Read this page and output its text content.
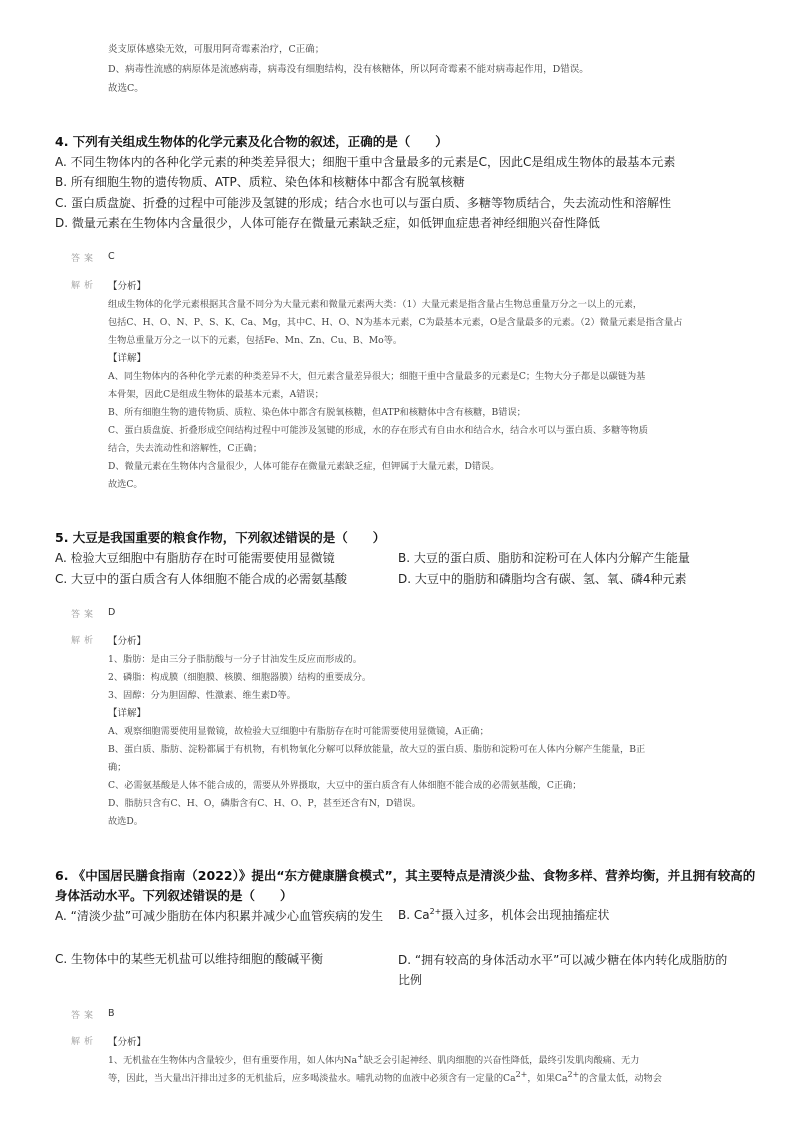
炎支原体感染无效，可服用阿奇霉素治疗，C正确；
D、病毒性流感的病原体是流感病毒，病毒没有细胞结构，没有核糖体，所以阿奇霉素不能对病毒起作用，D错误。
故选C。
4. 下列有关组成生物体的化学元素及化合物的叙述，正确的是（　　）
A. 不同生物体内的各种化学元素的种类差异很大；细胞干重中含量最多的元素是C，因此C是组成生物体的最基本元素
B. 所有细胞生物的遗传物质、ATP、质粒、染色体和核糖体中都含有脱氧核糖
C. 蛋白质盘旋、折叠的过程中可能涉及氢键的形成；结合水也可以与蛋白质、多糖等物质结合，失去流动性和溶解性
D. 微量元素在生物体内含量很少，人体可能存在微量元素缺乏症，如低钾血症患者神经细胞兴奋性降低
答案 C
解析 【分析】
组成生物体的化学元素根据其含量不同分为大量元素和微量元素两大类：（1）大量元素是指含量占生物总重量万分之一以上的元素，
包括C、H、O、N、P、S、K、Ca、Mg，其中C、H、O、N为基本元素，C为最基本元素，O是含量最多的元素。（2）微量元素是指含量占
生物总重量万分之一以下的元素，包括Fe、Mn、Zn、Cu、B、Mo等。
【详解】
A、同生物体内的各种化学元素的种类差异不大，但元素含量差异很大；细胞干重中含量最多的元素是C；生物大分子都是以碳链为基
本骨架，因此C是组成生物体的最基本元素，A错误；
B、所有细胞生物的遗传物质、质粒、染色体中都含有脱氧核糖，但ATP和核糖体中含有核糖，B错误；
C、蛋白质盘旋、折叠形成空间结构过程中可能涉及氢键的形成，水的存在形式有自由水和结合水，结合水可以与蛋白质、多糖等物质
结合，失去流动性和溶解性，C正确；
D、微量元素在生物体内含量很少，人体可能存在微量元素缺乏症，但钾属于大量元素，D错误。
故选C。
5. 大豆是我国重要的粮食作物，下列叙述错误的是（　　）
A. 检验大豆细胞中有脂肪存在时可能需要使用显微镜	B. 大豆的蛋白质、脂肪和淀粉可在人体内分解产生能量
C. 大豆中的蛋白质含有人体细胞不能合成的必需氨基酸	D. 大豆中的脂肪和磷脂均含有碳、氢、氧、磷4种元素
答案 D
解析 【分析】
1、脂肪：是由三分子脂肪酸与一分子甘油发生反应而形成的。
2、磷脂：构成膜（细胞膜、核膜、细胞器膜）结构的重要成分。
3、固醇：分为胆固醇、性激素、维生素D等。
【详解】
A、观察细胞需要使用显微镜，故检验大豆细胞中有脂肪存在时可能需要使用显微镜，A正确；
B、蛋白质、脂肪、淀粉都属于有机物，有机物氧化分解可以释放能量，故大豆的蛋白质、脂肪和淀粉可在人体内分解产生能量，B正
确；
C、必需氨基酸是人体不能合成的，需要从外界摄取，大豆中的蛋白质含有人体细胞不能合成的必需氨基酸，C正确；
D、脂肪只含有C、H、O，磷脂含有C、H、O、P，甚至还含有N，D错误。
故选D。
6. 《中国居民膳食指南（2022）》提出“东方健康膳食模式”，其主要特点是清淡少盐、食物多样、营养均衡，并且拥有较高的
身体活动水平。下列叙述错误的是（　　）
A. “清淡少盐”可减少脂肪在体内积累并减少心血管疾病的发生 B. $Ca^{2+}$摄入过多，机体会出现抽搐症状
C. 生物体中的某些无机盐可以维持细胞的酸碱平衡	D. “拥有较高的身体活动水平”可以减少糖在体内转化成脂肪的比例
答案 B
解析 【分析】
1、无机盐在生物体内含量较少，但有重要作用，如人体内Na+缺乏会引起神经、肌肉细胞的兴奋性降低，最终引发肌肉酸痛、无力
等，因此，当大量出汗排出过多的无机盐后，应多喝淡盐水。哺乳动物的血液中必须含有一定量的$Ca^{2+}$，如果$Ca^{2+}$的含量太低，动物会
